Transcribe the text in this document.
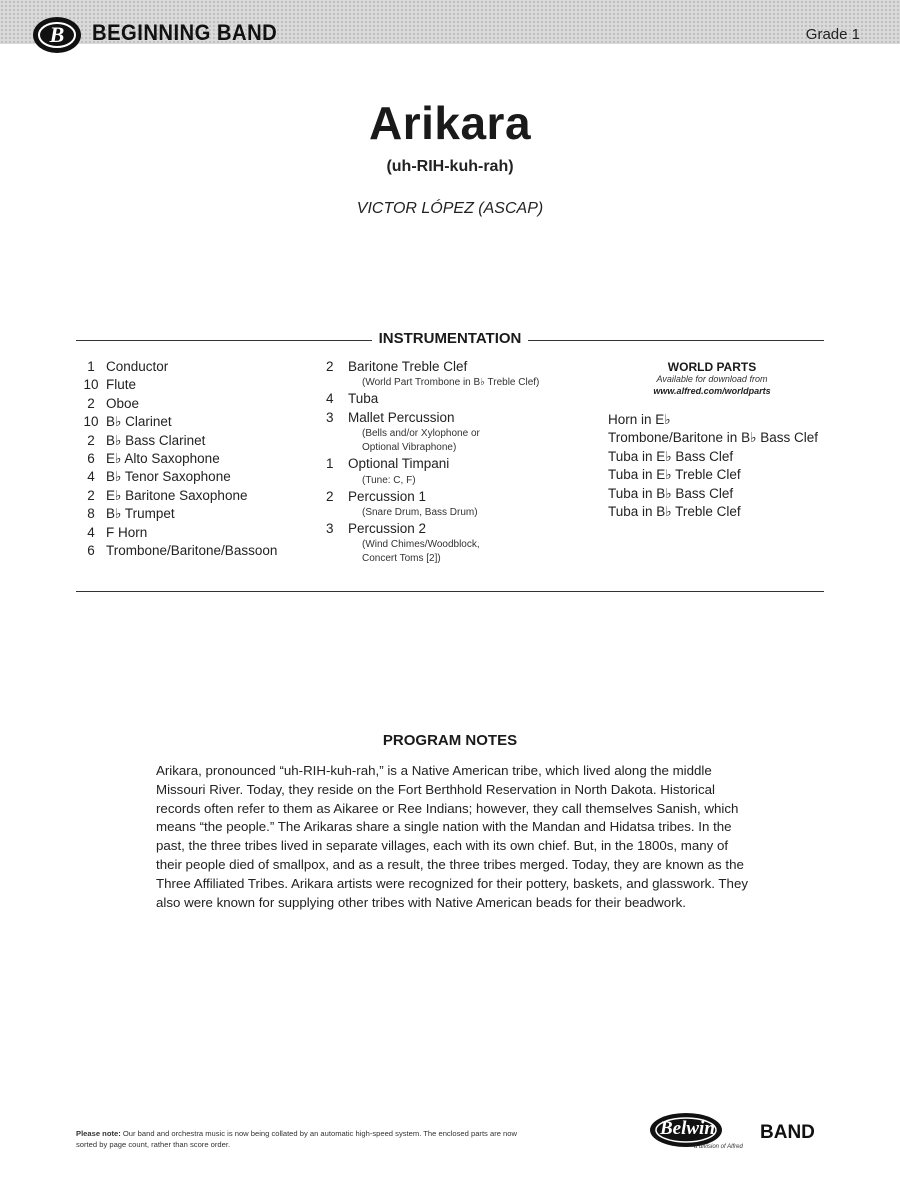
B BEGINNING BAND	Grade 1
Arikara
(uh-RIH-kuh-rah)
VICTOR LÓPEZ (ASCAP)
INSTRUMENTATION
1 Conductor
10 Flute
2 Oboe
10 B♭ Clarinet
2 B♭ Bass Clarinet
6 E♭ Alto Saxophone
4 B♭ Tenor Saxophone
2 E♭ Baritone Saxophone
8 B♭ Trumpet
4 F Horn
6 Trombone/Baritone/Bassoon
2	Baritone Treble Clef
(World Part Trombone in B♭ Treble Clef)
4	Tuba
3	Mallet Percussion
(Bells and/or Xylophone or Optional Vibraphone)
1	Optional Timpani
(Tune: C, F)
2	Percussion 1
(Snare Drum, Bass Drum)
3	Percussion 2
(Wind Chimes/Woodblock, Concert Toms [2])
WORLD PARTS
Available for download from
www.alfred.com/worldparts
Horn in E♭
Trombone/Baritone in B♭ Bass Clef
Tuba in E♭ Bass Clef
Tuba in E♭ Treble Clef
Tuba in B♭ Bass Clef
Tuba in B♭ Treble Clef
PROGRAM NOTES
Arikara, pronounced “uh-RIH-kuh-rah,” is a Native American tribe, which lived along the middle Missouri River. Today, they reside on the Fort Berthhold Reservation in North Dakota. Historical records often refer to them as Aikaree or Ree Indians; however, they call themselves Sanish, which means “the people.” The Arikaras share a single nation with the Mandan and Hidatsa tribes. In the past, the three tribes lived in separate villages, each with its own chief. But, in the 1800s, many of their people died of smallpox, and as a result, the three tribes merged. Today, they are known as the Three Affiliated Tribes. Arikara artists were recognized for their pottery, baskets, and glasswork. They also were known for supplying other tribes with Native American beads for their beadwork.
Please note: Our band and orchestra music is now being collated by an automatic high-speed system. The enclosed parts are now sorted by page count, rather than score order.
Belwin BAND
a division of Alfred
